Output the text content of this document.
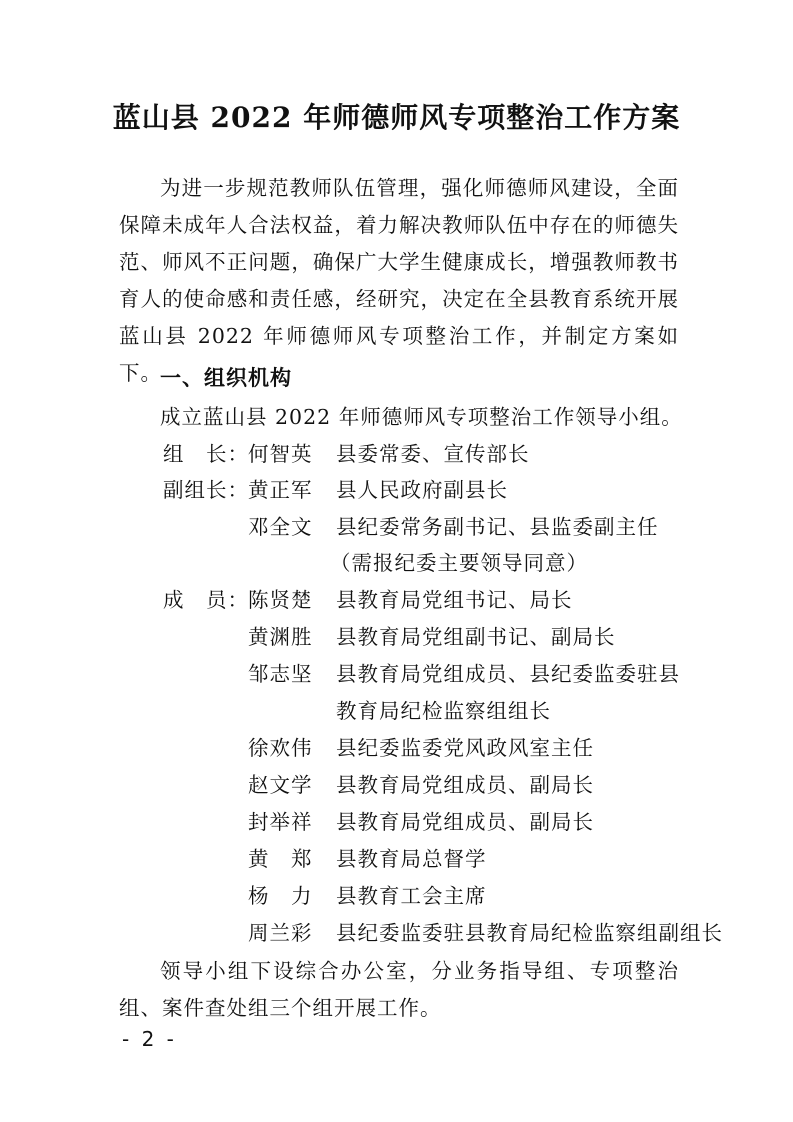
蓝山县 2022 年师德师风专项整治工作方案

为进一步规范教师队伍管理，强化师德师风建设，全面保障未成年人合法权益，着力解决教师队伍中存在的师德失范、师风不正问题，确保广大学生健康成长，增强教师教书育人的使命感和责任感，经研究，决定在全县教育系统开展蓝山县 2022 年师德师风专项整治工作，并制定方案如下。

一、组织机构
成立蓝山县 2022 年师德师风专项整治工作领导小组。
组　长： 何智英 县委常委、宣传部长
副组长： 黄正军 县人民政府副县长
邓全文 县纪委常务副书记、县监委副主任
（需报纪委主要领导同意）
成　员： 陈贤楚 县教育局党组书记、局长
黄渊胜 县教育局党组副书记、副局长
邹志坚 县教育局党组成员、县纪委监委驻县
教育局纪检监察组组长
徐欢伟 县纪委监委党风政风室主任
赵文学 县教育局党组成员、副局长
封举祥 县教育局党组成员、副局长
黄　郑 县教育局总督学
杨　力 县教育工会主席
周兰彩 县纪委监委驻县教育局纪检监察组副组长

领导小组下设综合办公室，分业务指导组、专项整治组、案件查处组三个组开展工作。

- 2 -
